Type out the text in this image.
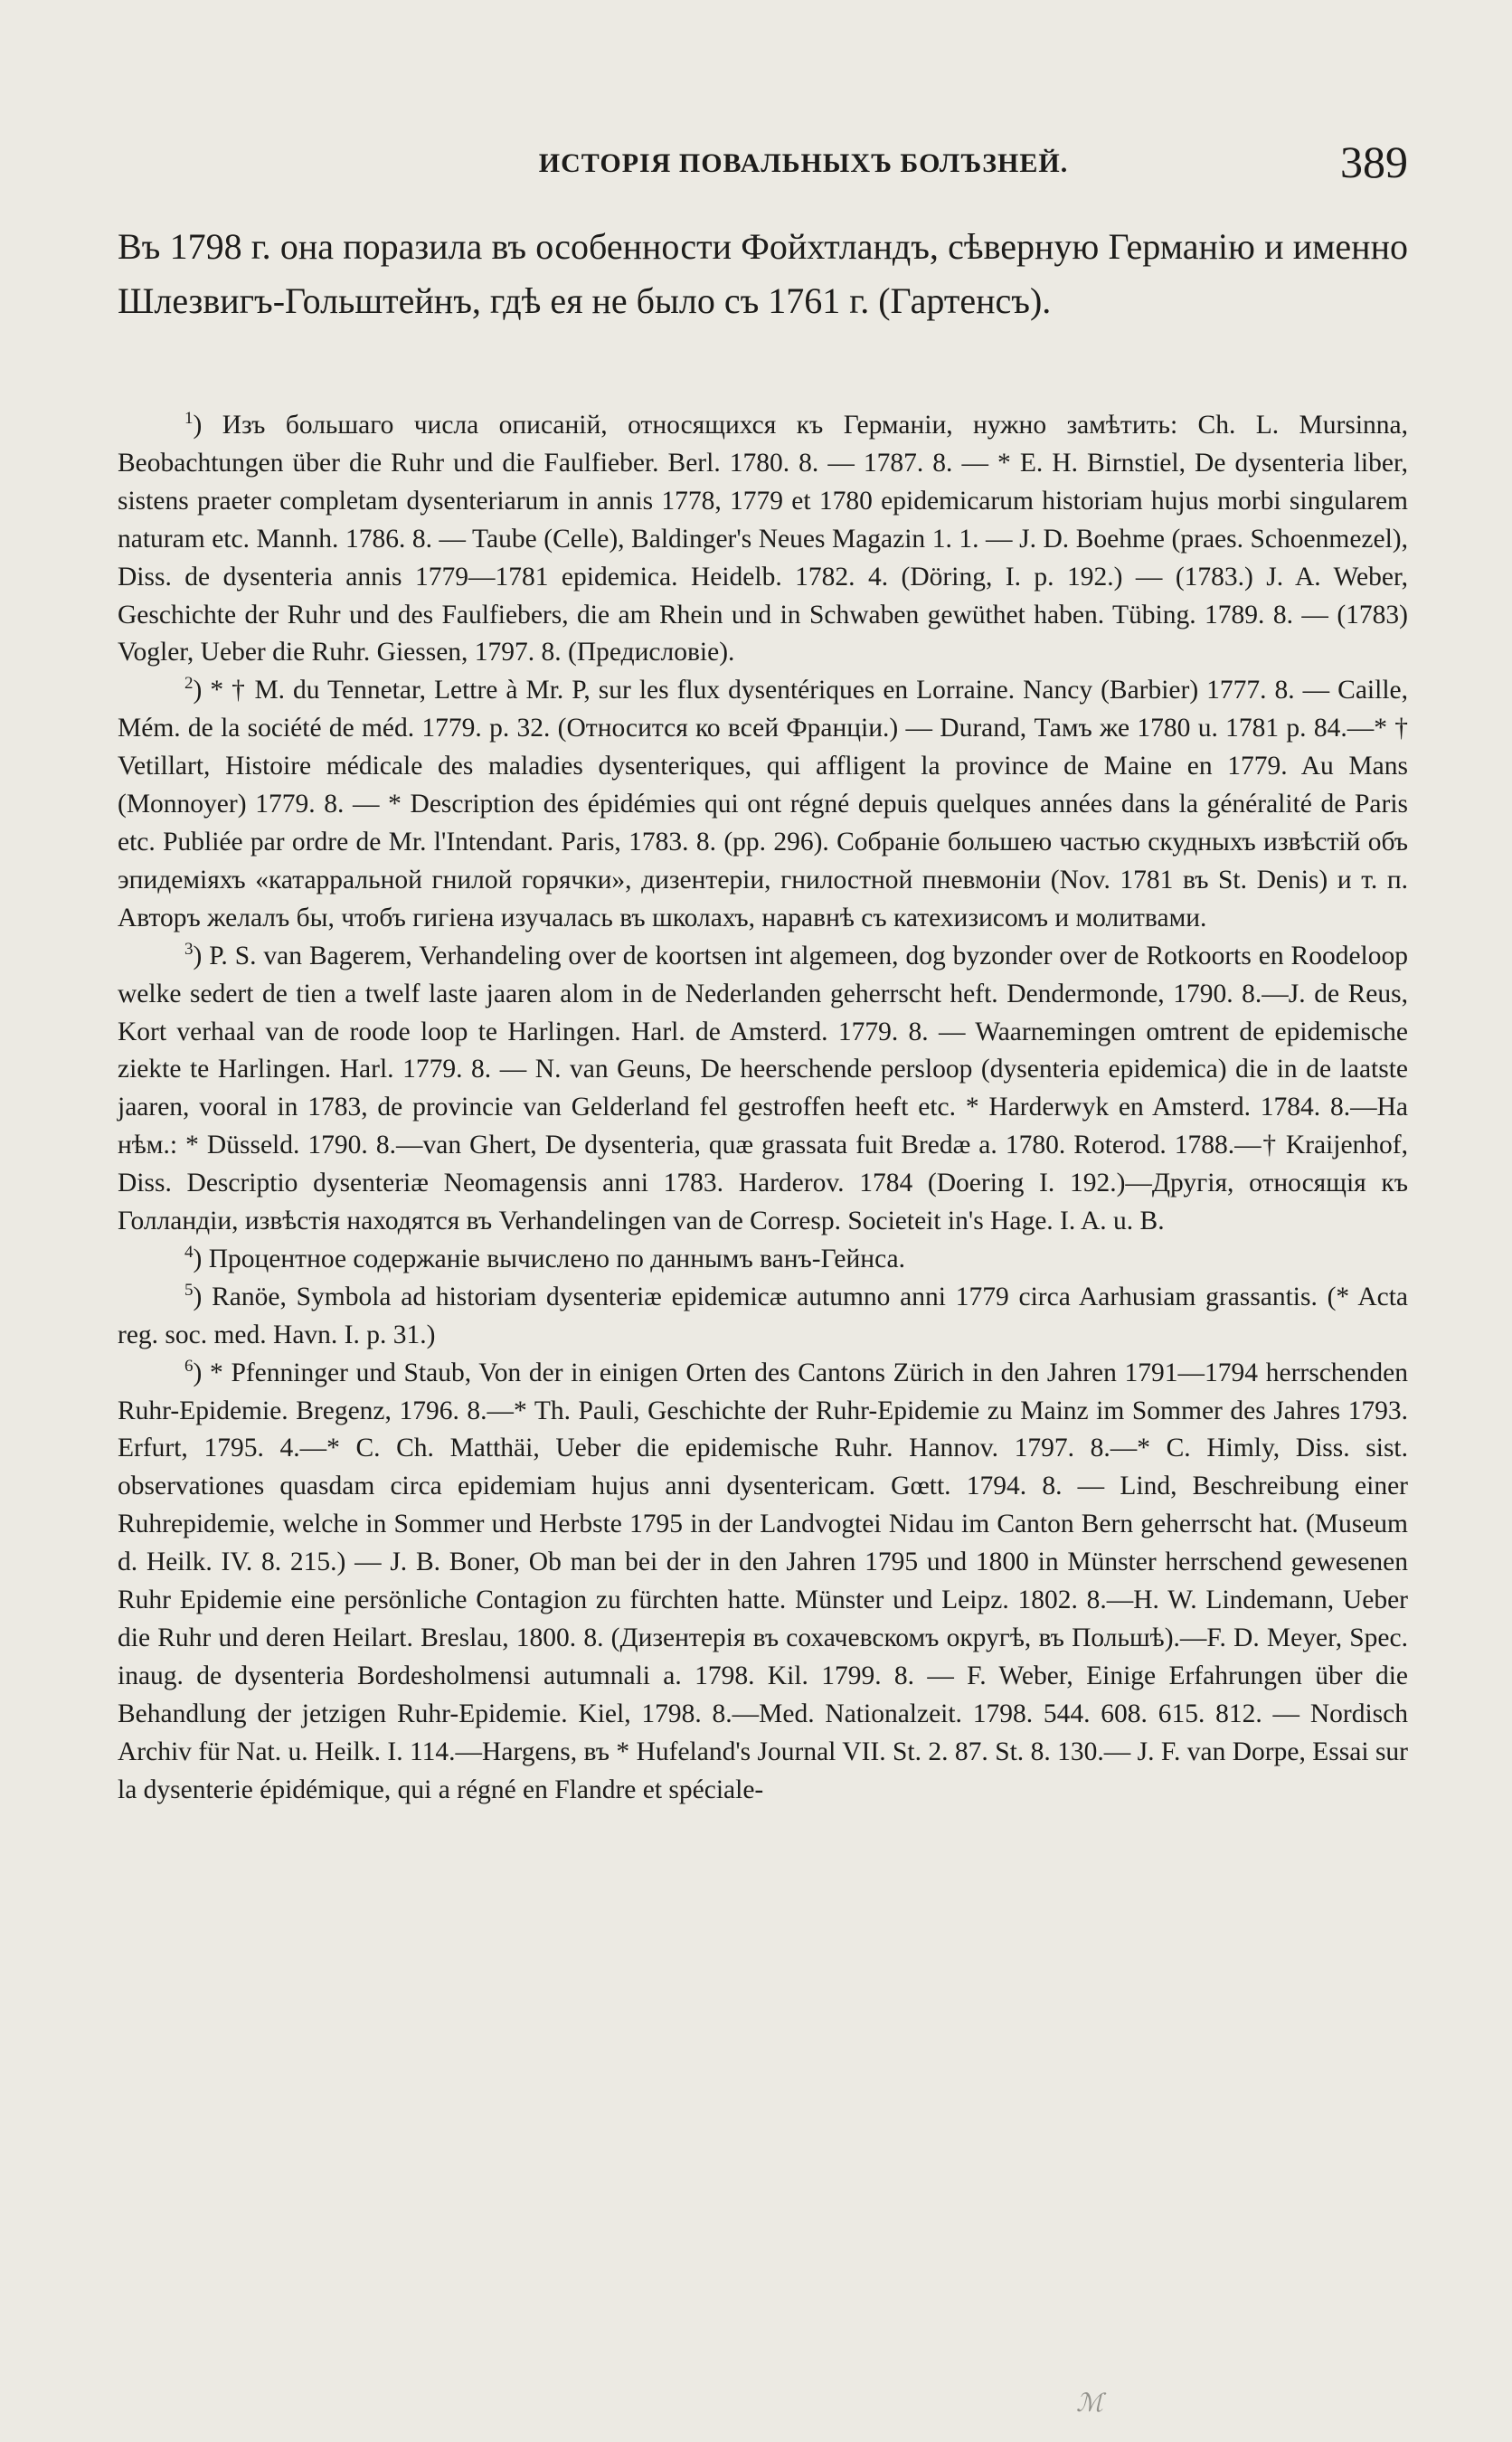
ИСТОРІЯ ПОВАЛЬНЫХЪ БОЛЪЗНЕЙ.	389

Въ 1798 г. она поразила въ особенности Фойхтландъ, сѣверную Германію и именно Шлезвигъ-Гольштейнъ, гдѣ ея не было съ 1761 г. (Гартенсъ).

$^1$) Изъ большаго числа описаній, относящихся къ Германіи, нужно замѣтить: Ch. L. Mursinna, Beobachtungen über die Ruhr und die Faulfieber. Berl. 1780. 8. — 1787. 8. — * E. H. Birnstiel, De dysenteria liber, sistens praeter completam dysenteriarum in annis 1778, 1779 et 1780 epidemicarum historiam hujus morbi singularem naturam etc. Mannh. 1786. 8. — Taube (Celle), Baldinger's Neues Magazin 1. 1. — J. D. Boehme (praes. Schoenmezel), Diss. de dysenteria annis 1779—1781 epidemica. Heidelb. 1782. 4. (Döring, I. p. 192.) — (1783.) J. A. Weber, Geschichte der Ruhr und des Faulfiebers, die am Rhein und in Schwaben gewüthet haben. Tübing. 1789. 8. — (1783) Vogler, Ueber die Ruhr. Giessen, 1797. 8. (Предисловіе).

$^2$) * † M. du Tennetar, Lettre à Mr. P, sur les flux dysentériques en Lorraine. Nancy (Barbier) 1777. 8. — Caille, Mém. de la société de méd. 1779. p. 32. (Относится ко всей Франціи.) — Durand, Тамъ же 1780 u. 1781 p. 84.—* † Vetillart, Histoire médicale des maladies dysenteriques, qui affligent la province de Maine en 1779. Au Mans (Monnoyer) 1779. 8. — * Description des épidémies qui ont régné depuis quelques années dans la généralité de Paris etc. Publiée par ordre de Mr. l'Intendant. Paris, 1783. 8. (pp. 296). Собраніе большею частью скудныхъ извѣстій объ эпидеміяхъ «катарральной гнилой горячки», дизентеріи, гнилостной пневмоніи (Nov. 1781 въ St. Denis) и т. п. Авторъ желалъ бы, чтобъ гигіена изучалась въ школахъ, наравнѣ съ катехизисомъ и молитвами.

$^3$) P. S. van Bagerem, Verhandeling over de koortsen int algemeen, dog byzonder over de Rotkoorts en Roodeloop welke sedert de tien a twelf laste jaaren alom in de Nederlanden geherrscht heft. Dendermonde, 1790. 8.—J. de Reus, Kort verhaal van de roode loop te Harlingen. Harl. de Amsterd. 1779. 8. — Waarnemingen omtrent de epidemische ziekte te Harlingen. Harl. 1779. 8. — N. van Geuns, De heerschende persloop (dysenteria epidemica) die in de laatste jaaren, vooral in 1783, de provincie van Gelderland fel gestroffen heeft etc. * Harderwyk en Amsterd. 1784. 8.—На нѣм.: * Düsseld. 1790. 8.—van Ghert, De dysenteria, quæ grassata fuit Bredæ a. 1780. Roterod. 1788.—† Kraijenhof, Diss. Descriptio dysenteriæ Neomagensis anni 1783. Harderov. 1784 (Doering I. 192.)—Другія, относящія къ Голландіи, извѣстія находятся въ Verhandelingen van de Corresp. Societeit in's Hage. I. A. u. B.

$^4$) Процентное содержаніе вычислено по даннымъ ванъ-Гейнса.

$^5$) Ranöe, Symbola ad historiam dysenteriæ epidemicæ autumno anni 1779 circa Aarhusiam grassantis. (* Acta reg. soc. med. Havn. I. p. 31.)

$^6$) * Pfenninger und Staub, Von der in einigen Orten des Cantons Zürich in den Jahren 1791—1794 herrschenden Ruhr-Epidemie. Bregenz, 1796. 8.—* Th. Pauli, Geschichte der Ruhr-Epidemie zu Mainz im Sommer des Jahres 1793. Erfurt, 1795. 4.—* C. Ch. Matthäi, Ueber die epidemische Ruhr. Hannov. 1797. 8.—* C. Himly, Diss. sist. observationes quasdam circa epidemiam hujus anni dysentericam. Gœtt. 1794. 8. — Lind, Beschreibung einer Ruhrepidemie, welche in Sommer und Herbste 1795 in der Landvogtei Nidau im Canton Bern geherrscht hat. (Museum d. Heilk. IV. 8. 215.) — J. B. Boner, Ob man bei der in den Jahren 1795 und 1800 in Münster herrschend gewesenen Ruhr Epidemie eine persönliche Contagion zu fürchten hatte. Münster und Leipz. 1802. 8.—H. W. Lindemann, Ueber die Ruhr und deren Heilart. Breslau, 1800. 8. (Дизентерія въ сохачевскомъ округѣ, въ Польшѣ).—F. D. Meyer, Spec. inaug. de dysenteria Bordesholmensi autumnali a. 1798. Kil. 1799. 8. — F. Weber, Einige Erfahrungen über die Behandlung der jetzigen Ruhr-Epidemie. Kiel, 1798. 8.—Med. Nationalzeit. 1798. 544. 608. 615. 812. — Nordisch Archiv für Nat. u. Heilk. I. 114.—Hargens, въ * Hufeland's Journal VII. St. 2. 87. St. 8. 130.— J. F. van Dorpe, Essai sur la dysenterie épidémique, qui a régné en Flandre et spéciale-

ℳ
